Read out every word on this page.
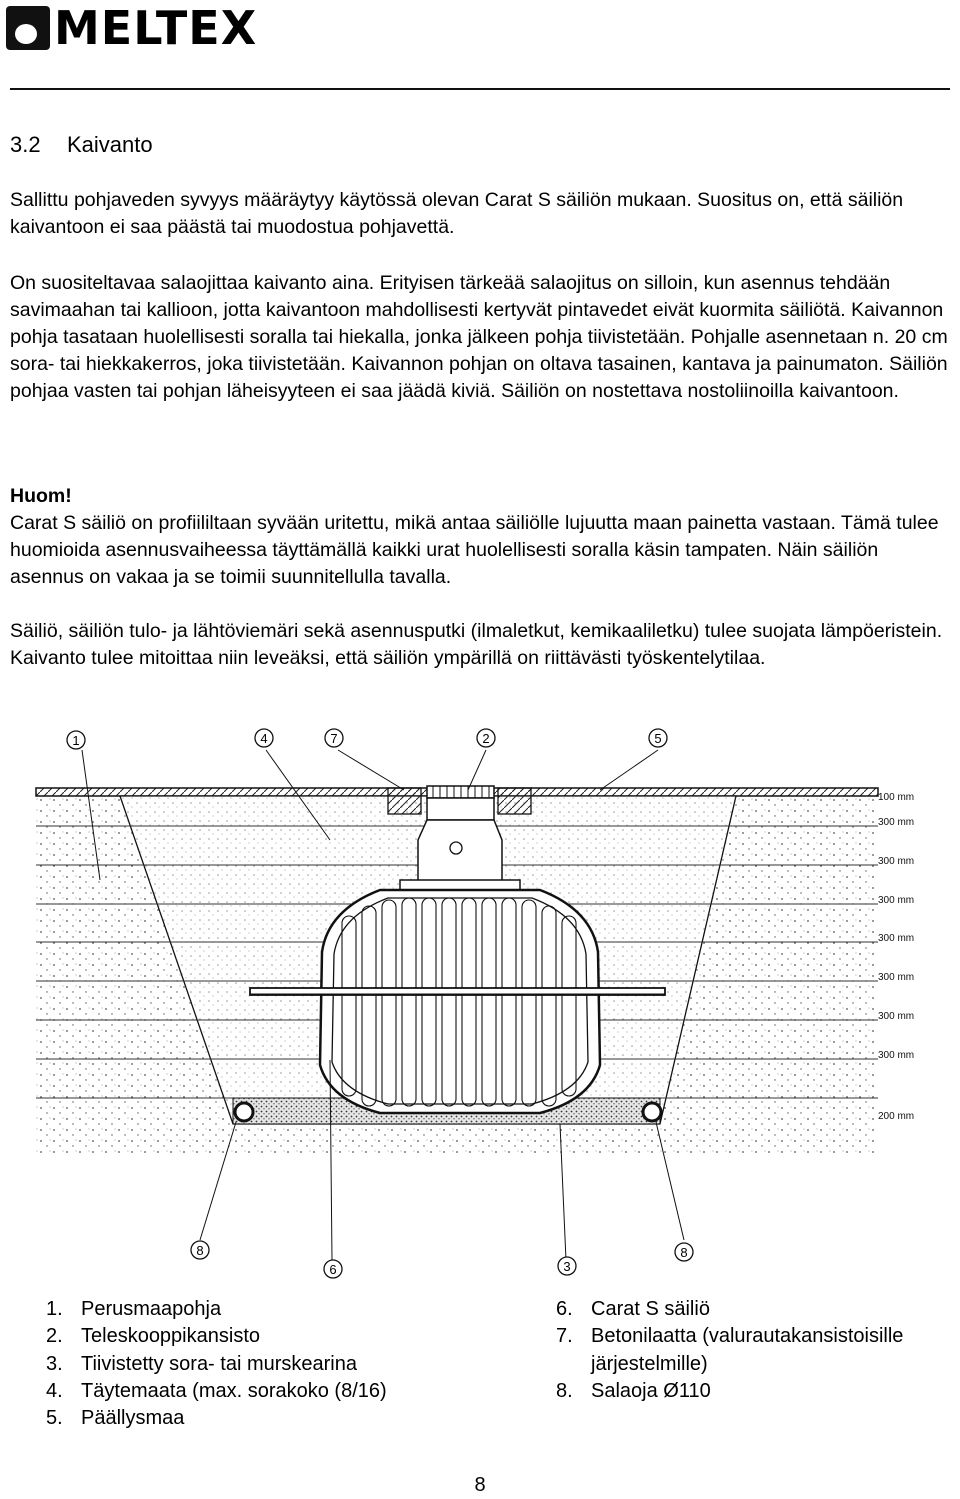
MELTEX
3.2 Kaivanto

Sallittu pohjaveden syvyys määräytyy käytössä olevan Carat S säiliön mukaan. Suositus on, että säiliön kaivantoon ei saa päästä tai muodostua pohjavettä.

On suositeltavaa salaojittaa kaivanto aina. Erityisen tärkeää salaojitus on silloin, kun asennus tehdään savimaahan tai kallioon, jotta kaivantoon mahdollisesti kertyvät pintavedet eivät kuormita säiliötä. Kaivannon pohja tasataan huolellisesti soralla tai hiekalla, jonka jälkeen pohja tiivistetään. Pohjalle asennetaan n. 20 cm sora- tai hiekkakerros, joka tiivistetään. Kaivannon pohjan on oltava tasainen, kantava ja painumaton. Säiliön pohjaa vasten tai pohjan läheisyyteen ei saa jäädä kiviä. Säiliön on nostettava nostoliinoilla kaivantoon.

Huom!
Carat S säiliö on profiililtaan syvään uritettu, mikä antaa säiliölle lujuutta maan painetta vastaan. Tämä tulee huomioida asennusvaiheessa täyttämällä kaikki urat huolellisesti soralla käsin tampaten. Näin säiliön asennus on vakaa ja se toimii suunnitellulla tavalla.

Säiliö, säiliön tulo- ja lähtöviemäri sekä asennusputki (ilmaletkut, kemikaaliletku) tulee suojata lämpöeristein. Kaivanto tulee mitoittaa niin leveäksi, että säiliön ympärillä on riittävästi työskentelytilaa.

100 mm
300 mm
300 mm
300 mm
300 mm
300 mm
300 mm
300 mm
200 mm
1	4	7	2	5
8
6	3
8
1. Perusmaapohja
2. Teleskooppikansisto
3. Tiivistetty sora- tai murskearina
4. Täytemaata (max. sorakoko (8/16)
5. Päällysmaa
6. Carat S säiliö
7. Betonilaatta (valurautakansistoisille järjestelmille)
8. Salaoja Ø110
8
